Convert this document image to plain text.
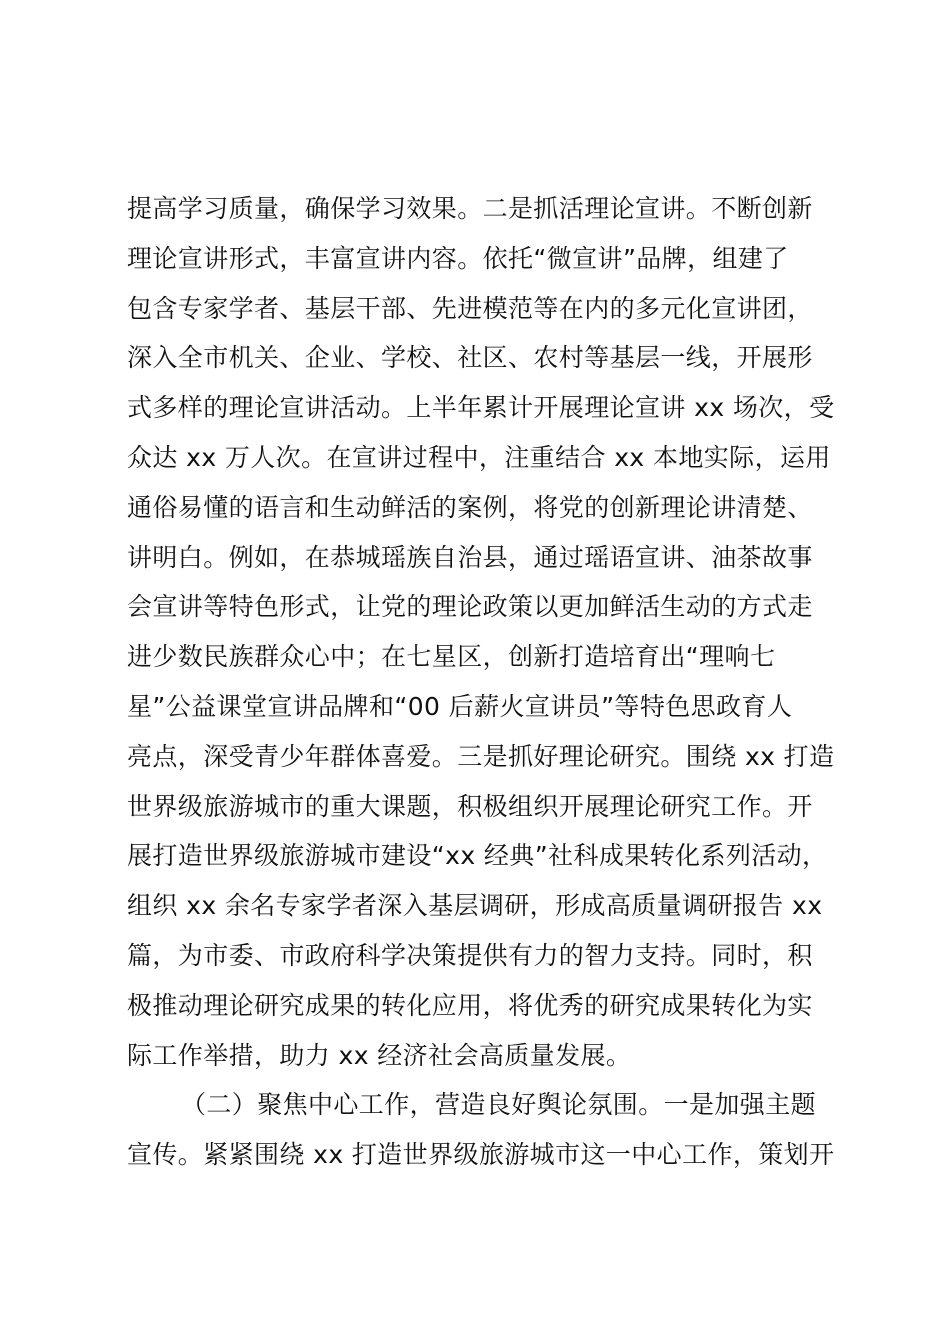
提高学习质量，确保学习效果。二是抓活理论宣讲。不断创新
理论宣讲形式，丰富宣讲内容。依托“微宣讲”品牌，组建了
包含专家学者、基层干部、先进模范等在内的多元化宣讲团，
深入全市机关、企业、学校、社区、农村等基层一线，开展形
式多样的理论宣讲活动。上半年累计开展理论宣讲 xx 场次，受
众达 xx 万人次。在宣讲过程中，注重结合 xx 本地实际，运用
通俗易懂的语言和生动鲜活的案例，将党的创新理论讲清楚、
讲明白。例如，在恭城瑶族自治县，通过瑶语宣讲、油茶故事
会宣讲等特色形式，让党的理论政策以更加鲜活生动的方式走
进少数民族群众心中；在七星区，创新打造培育出“理响七
星”公益课堂宣讲品牌和“00 后薪火宣讲员”等特色思政育人
亮点，深受青少年群体喜爱。三是抓好理论研究。围绕 xx 打造
世界级旅游城市的重大课题，积极组织开展理论研究工作。开
展打造世界级旅游城市建设“xx 经典”社科成果转化系列活动，
组织 xx 余名专家学者深入基层调研，形成高质量调研报告 xx
篇，为市委、市政府科学决策提供有力的智力支持。同时，积
极推动理论研究成果的转化应用，将优秀的研究成果转化为实
际工作举措，助力 xx 经济社会高质量发展。
（二）聚焦中心工作，营造良好舆论氛围。一是加强主题
宣传。紧紧围绕 xx 打造世界级旅游城市这一中心工作，策划开
